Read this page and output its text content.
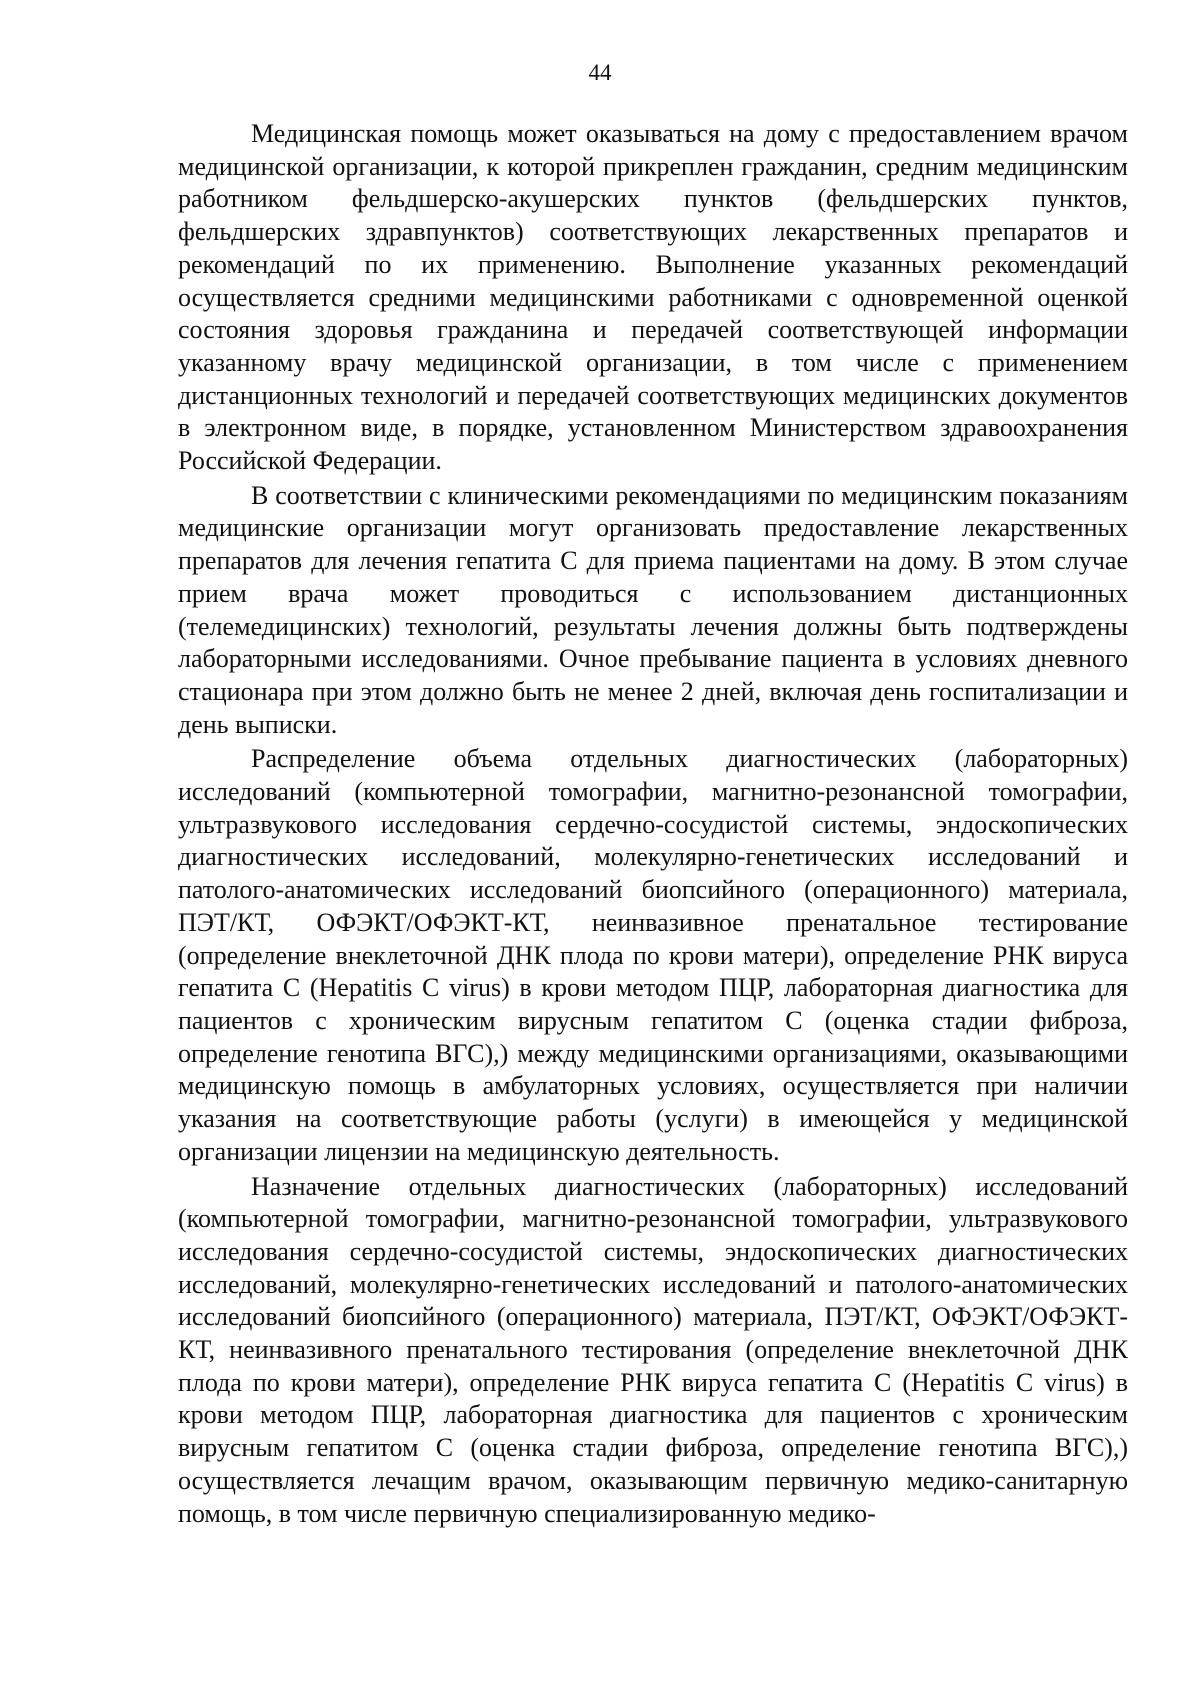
44

Медицинская помощь может оказываться на дому с предоставлением врачом медицинской организации, к которой прикреплен гражданин, средним медицинским работником фельдшерско-акушерских пунктов (фельдшерских пунктов, фельдшерских здравпунктов) соответствующих лекарственных препаратов и рекомендаций по их применению. Выполнение указанных рекомендаций осуществляется средними медицинскими работниками с одновременной оценкой состояния здоровья гражданина и передачей соответствующей информации указанному врачу медицинской организации, в том числе с применением дистанционных технологий и передачей соответствующих медицинских документов в электронном виде, в порядке, установленном Министерством здравоохранения Российской Федерации.

В соответствии с клиническими рекомендациями по медицинским показаниям медицинские организации могут организовать предоставление лекарственных препаратов для лечения гепатита С для приема пациентами на дому. В этом случае прием врача может проводиться с использованием дистанционных (телемедицинских) технологий, результаты лечения должны быть подтверждены лабораторными исследованиями. Очное пребывание пациента в условиях дневного стационара при этом должно быть не менее 2 дней, включая день госпитализации и день выписки.

Распределение объема отдельных диагностических (лабораторных) исследований (компьютерной томографии, магнитно-резонансной томографии, ультразвукового исследования сердечно-сосудистой системы, эндоскопических диагностических исследований, молекулярно-генетических исследований и патолого-анатомических исследований биопсийного (операционного) материала, ПЭТ/КТ, ОФЭКТ/ОФЭКТ-КТ, неинвазивное пренатальное тестирование (определение внеклеточной ДНК плода по крови матери), определение РНК вируса гепатита С (Hepatitis C virus) в крови методом ПЦР, лабораторная диагностика для пациентов с хроническим вирусным гепатитом С (оценка стадии фиброза, определение генотипа ВГС),) между медицинскими организациями, оказывающими медицинскую помощь в амбулаторных условиях, осуществляется при наличии указания на соответствующие работы (услуги) в имеющейся у медицинской организации лицензии на медицинскую деятельность.

Назначение отдельных диагностических (лабораторных) исследований (компьютерной томографии, магнитно-резонансной томографии, ультразвукового исследования сердечно-сосудистой системы, эндоскопических диагностических исследований, молекулярно-генетических исследований и патолого-анатомических исследований биопсийного (операционного) материала, ПЭТ/КТ, ОФЭКТ/ОФЭКТ-КТ, неинвазивного пренатального тестирования (определение внеклеточной ДНК плода по крови матери), определение РНК вируса гепатита С (Hepatitis C virus) в крови методом ПЦР, лабораторная диагностика для пациентов с хроническим вирусным гепатитом С (оценка стадии фиброза, определение генотипа ВГС),) осуществляется лечащим врачом, оказывающим первичную медико-санитарную помощь, в том числе первичную специализированную медико-
